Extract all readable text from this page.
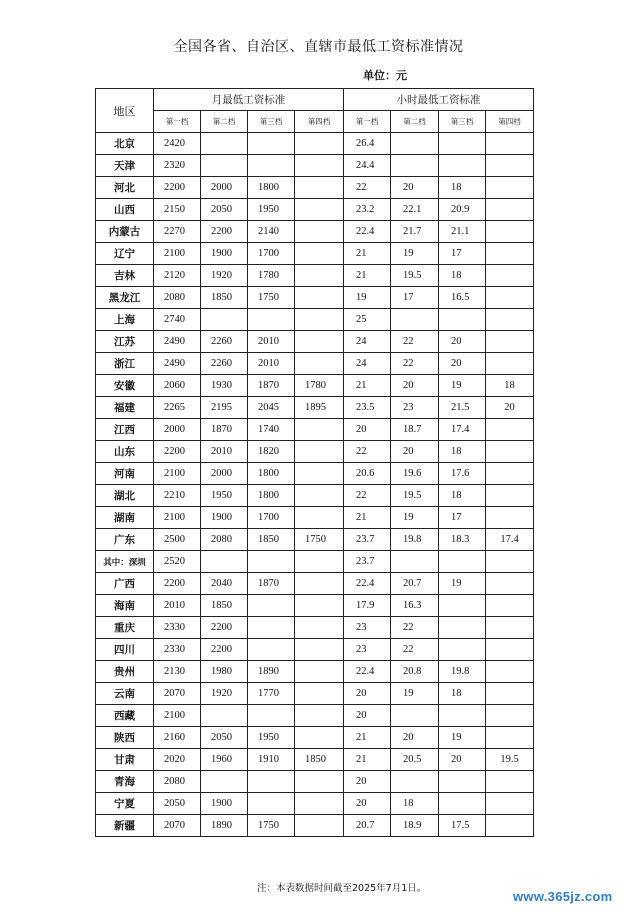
全国各省、自治区、直辖市最低工资标准情况
单位：元
地区	月最低工资标准				小时最低工资标准			
	第一档	第二档	第三档	第四档	第一档	第二档	第三档	第四档
北京	2420				26.4			
天津	2320				24.4			
河北	2200	2000	1800		22	20	18	
山西	2150	2050	1950		23.2	22.1	20.9	
内蒙古	2270	2200	2140		22.4	21.7	21.1	
辽宁	2100	1900	1700		21	19	17	
吉林	2120	1920	1780		21	19.5	18	
黑龙江	2080	1850	1750		19	17	16.5	
上海	2740				25			
江苏	2490	2260	2010		24	22	20	
浙江	2490	2260	2010		24	22	20	
安徽	2060	1930	1870	1780	21	20	19	18
福建	2265	2195	2045	1895	23.5	23	21.5	20
江西	2000	1870	1740		20	18.7	17.4	
山东	2200	2010	1820		22	20	18	
河南	2100	2000	1800		20.6	19.6	17.6	
湖北	2210	1950	1800		22	19.5	18	
湖南	2100	1900	1700		21	19	17	
广东	2500	2080	1850	1750	23.7	19.8	18.3	17.4
其中：深圳	2520				23.7			
广西	2200	2040	1870		22.4	20.7	19	
海南	2010	1850			17.9	16.3		
重庆	2330	2200			23	22		
四川	2330	2200			23	22		
贵州	2130	1980	1890		22.4	20.8	19.8	
云南	2070	1920	1770		20	19	18	
西藏	2100				20			
陕西	2160	2050	1950		21	20	19	
甘肃	2020	1960	1910	1850	21	20.5	20	19.5
青海	2080				20			
宁夏	2050	1900			20	18		
新疆	2070	1890	1750		20.7	18.9	17.5	
注：本表数据时间截至2025年7月1日。
www.365jz.com
